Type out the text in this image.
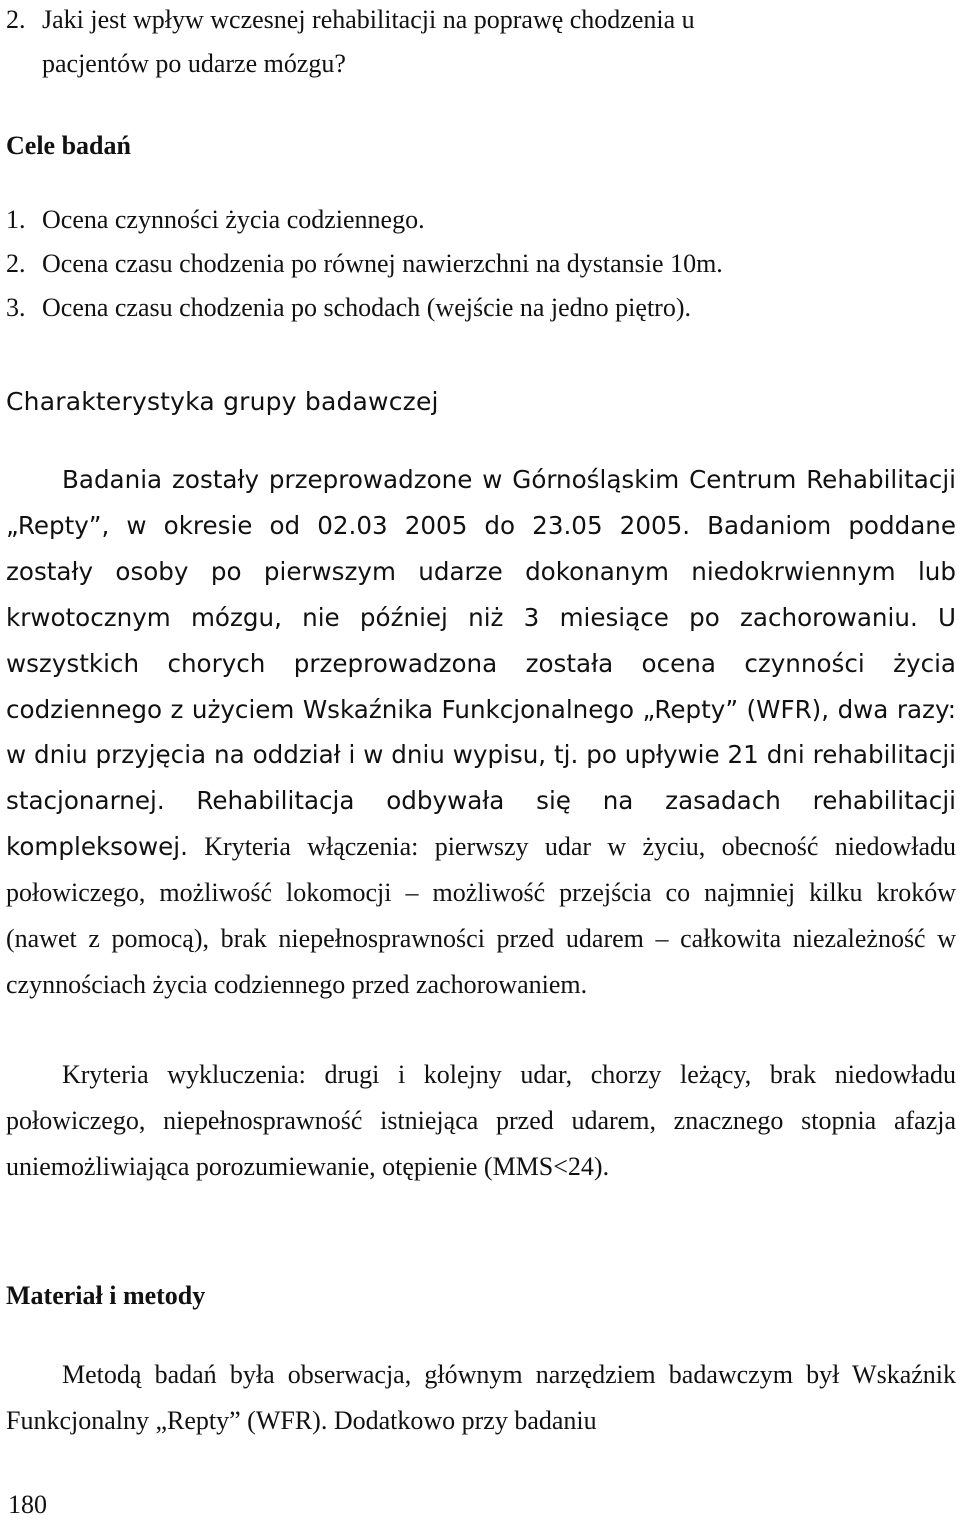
2. Jaki jest wpływ wczesnej rehabilitacji na poprawę chodzenia u
pacjentów po udarze mózgu?
Cele badań
1. Ocena czynności życia codziennego.
2. Ocena czasu chodzenia po równej nawierzchni na dystansie 10m.
3. Ocena czasu chodzenia po schodach (wejście na jedno piętro).
Charakterystyka grupy badawczej

Badania zostały przeprowadzone w Górnośląskim Centrum Rehabilitacji „Repty”, w okresie od 02.03 2005 do 23.05 2005. Badaniom poddane zostały osoby po pierwszym udarze dokonanym niedokrwiennym lub krwotocznym mózgu, nie później niż 3 miesiące po zachorowaniu. U wszystkich chorych przeprowadzona została ocena czynności życia codziennego z użyciem Wskaźnika Funkcjonalnego „Repty” (WFR), dwa razy: w dniu przyjęcia na oddział i w dniu wypisu, tj. po upływie 21 dni rehabilitacji stacjonarnej. Rehabilitacja odbywała się na zasadach rehabilitacji kompleksowej. Kryteria włączenia: pierwszy udar w życiu, obecność niedowładu połowiczego, możliwość lokomocji – możliwość przejścia co najmniej kilku kroków (nawet z pomocą), brak niepełnosprawności przed udarem – całkowita niezależność w czynnościach życia codziennego przed zachorowaniem.

Kryteria wykluczenia: drugi i kolejny udar, chorzy leżący, brak niedowładu połowiczego, niepełnosprawność istniejąca przed udarem, znacznego stopnia afazja uniemożliwiająca porozumiewanie, otępienie (MMS<24).

Materiał i metody

Metodą badań była obserwacja, głównym narzędziem badawczym był Wskaźnik Funkcjonalny „Repty” (WFR). Dodatkowo przy badaniu

180
